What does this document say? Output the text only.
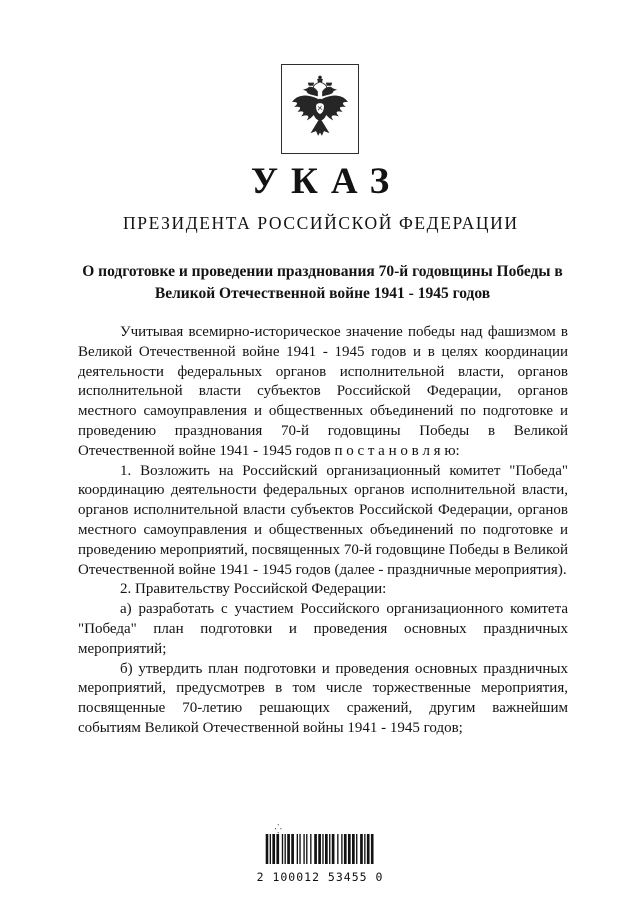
УКАЗ
ПРЕЗИДЕНТА РОССИЙСКОЙ ФЕДЕРАЦИИ
О подготовке и проведении празднования 70-й годовщины Победы в Великой Отечественной войне 1941 - 1945 годов

Учитывая всемирно-историческое значение победы над фашизмом в Великой Отечественной войне 1941 - 1945 годов и в целях координации деятельности федеральных органов исполнительной власти, органов исполнительной власти субъектов Российской Федерации, органов местного самоуправления и общественных объединений по подготовке и проведению празднования 70-й годовщины Победы в Великой Отечественной войне 1941 - 1945 годов п о с т а н о в л я ю:

1. Возложить на Российский организационный комитет "Победа" координацию деятельности федеральных органов исполнительной власти, органов исполнительной власти субъектов Российской Федерации, органов местного самоуправления и общественных объединений по подготовке и проведению мероприятий, посвященных 70-й годовщине Победы в Великой Отечественной войне 1941 - 1945 годов (далее - праздничные мероприятия).

2. Правительству Российской Федерации:

а) разработать с участием Российского организационного комитета "Победа" план подготовки и проведения основных праздничных мероприятий;

б) утвердить план подготовки и проведения основных праздничных мероприятий, предусмотрев в том числе торжественные мероприятия, посвященные 70-летию решающих сражений, другим важнейшим событиям Великой Отечественной войны 1941 - 1945 годов;

⁛
2 100012 53455 0
